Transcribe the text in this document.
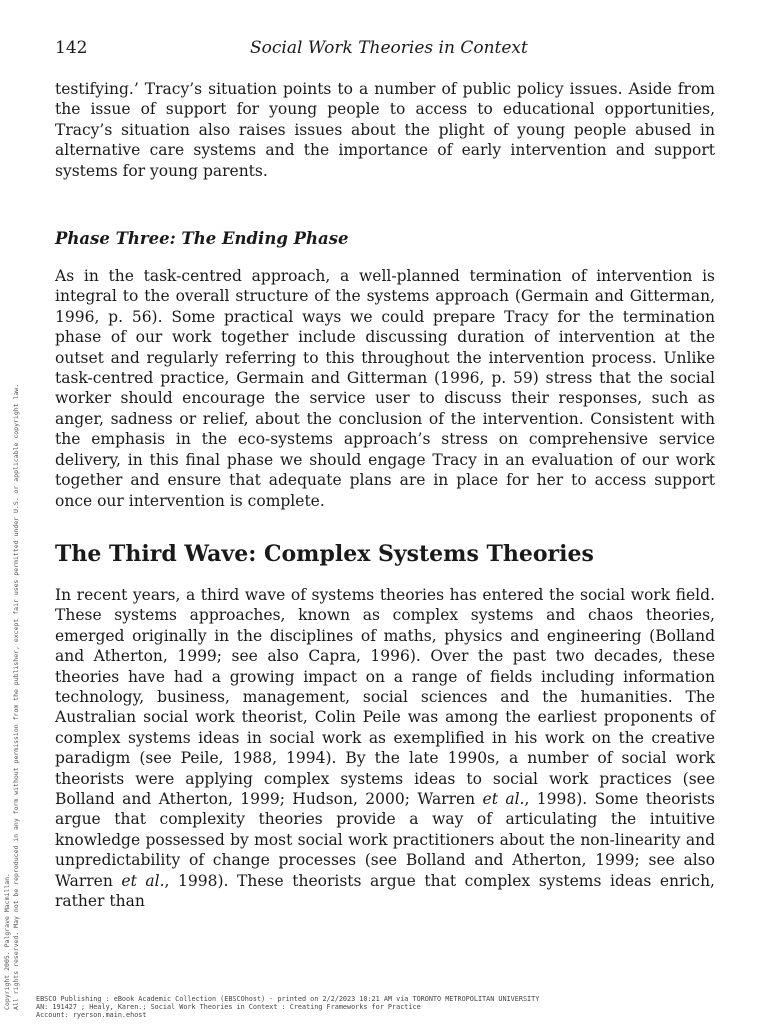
142	Social Work Theories in Context

testifying.’ Tracy’s situation points to a number of public policy issues. Aside from the issue of support for young people to access to educational opportunities, Tracy’s situation also raises issues about the plight of young people abused in alternative care systems and the importance of early intervention and support systems for young parents.

Phase Three: The Ending Phase

As in the task-centred approach, a well-planned termination of intervention is integral to the overall structure of the systems approach (Germain and Gitterman, 1996, p. 56). Some practical ways we could prepare Tracy for the termination phase of our work together include discussing duration of intervention at the outset and regularly referring to this throughout the intervention process. Unlike task-centred practice, Germain and Gitterman (1996, p. 59) stress that the social worker should encourage the service user to discuss their responses, such as anger, sadness or relief, about the conclusion of the intervention. Consistent with the emphasis in the eco-systems approach’s stress on comprehensive service delivery, in this final phase we should engage Tracy in an evaluation of our work together and ensure that adequate plans are in place for her to access support once our intervention is complete.

The Third Wave: Complex Systems Theories

In recent years, a third wave of systems theories has entered the social work field. These systems approaches, known as complex systems and chaos theories, emerged originally in the disciplines of maths, physics and engineering (Bolland and Atherton, 1999; see also Capra, 1996). Over the past two decades, these theories have had a growing impact on a range of fields including information technology, business, management, social sciences and the humanities. The Australian social work theorist, Colin Peile was among the earliest proponents of complex systems ideas in social work as exemplified in his work on the creative paradigm (see Peile, 1988, 1994). By the late 1990s, a number of social work theorists were applying complex systems ideas to social work practices (see Bolland and Atherton, 1999; Hudson, 2000; Warren et al., 1998). Some theorists argue that complexity theories provide a way of articulating the intuitive knowledge possessed by most social work practitioners about the non-linearity and unpredictability of change processes (see Bolland and Atherton, 1999; see also Warren et al., 1998). These theorists argue that complex systems ideas enrich, rather than

Copyright 2005. Palgrave Macmillan. All rights reserved. May not be reproduced in any form without permission from the publisher, except fair uses permitted under U.S. or applicable copyright law. EBSCO Publishing : eBook Academic Collection (EBSCOhost) - printed on 2/2/2023 10:21 AM via TORONTO METROPOLITAN UNIVERSITY
AN: 191427 ; Healy, Karen.; Social Work Theories in Context : Creating Frameworks for Practice
Account: ryerson.main.ehost
